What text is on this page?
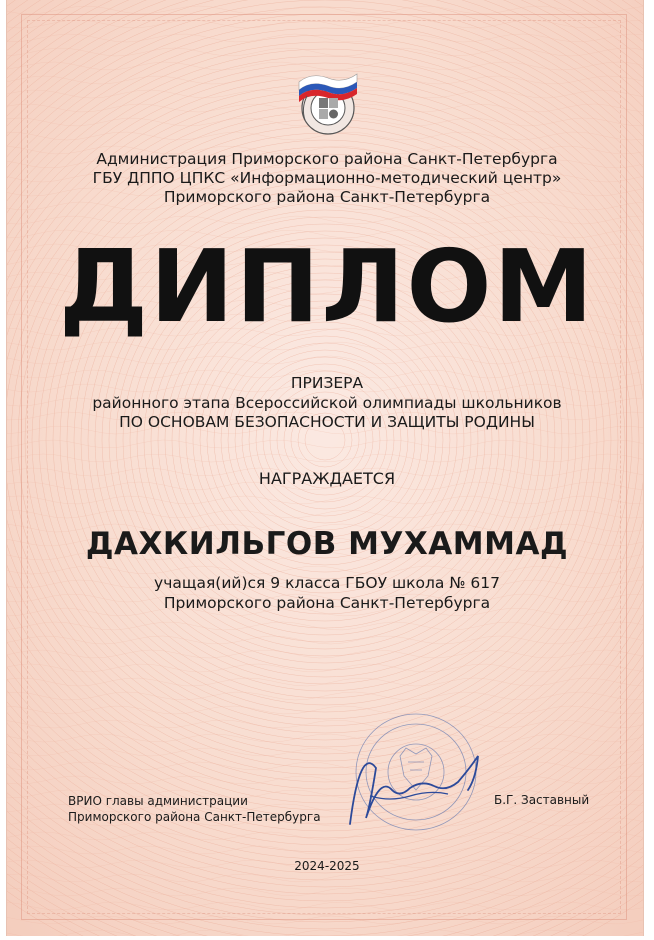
Администрация Приморского района Санкт-Петербурга
ГБУ ДППО ЦПКС «Информационно-методический центр»
Приморского района Санкт-Петербурга
ДИПЛОМ
ПРИЗЕРА
районного этапа Всероссийской олимпиады школьников
ПО ОСНОВАМ БЕЗОПАСНОСТИ И ЗАЩИТЫ РОДИНЫ
НАГРАЖДАЕТСЯ
ДАХКИЛЬГОВ МУХАММАД
учащая(ий)ся 9 класса ГБОУ школа № 617
Приморского района Санкт-Петербурга
ВРИО главы администрации
Приморского района Санкт-Петербурга
Б.Г. Заставный
2024-2025
